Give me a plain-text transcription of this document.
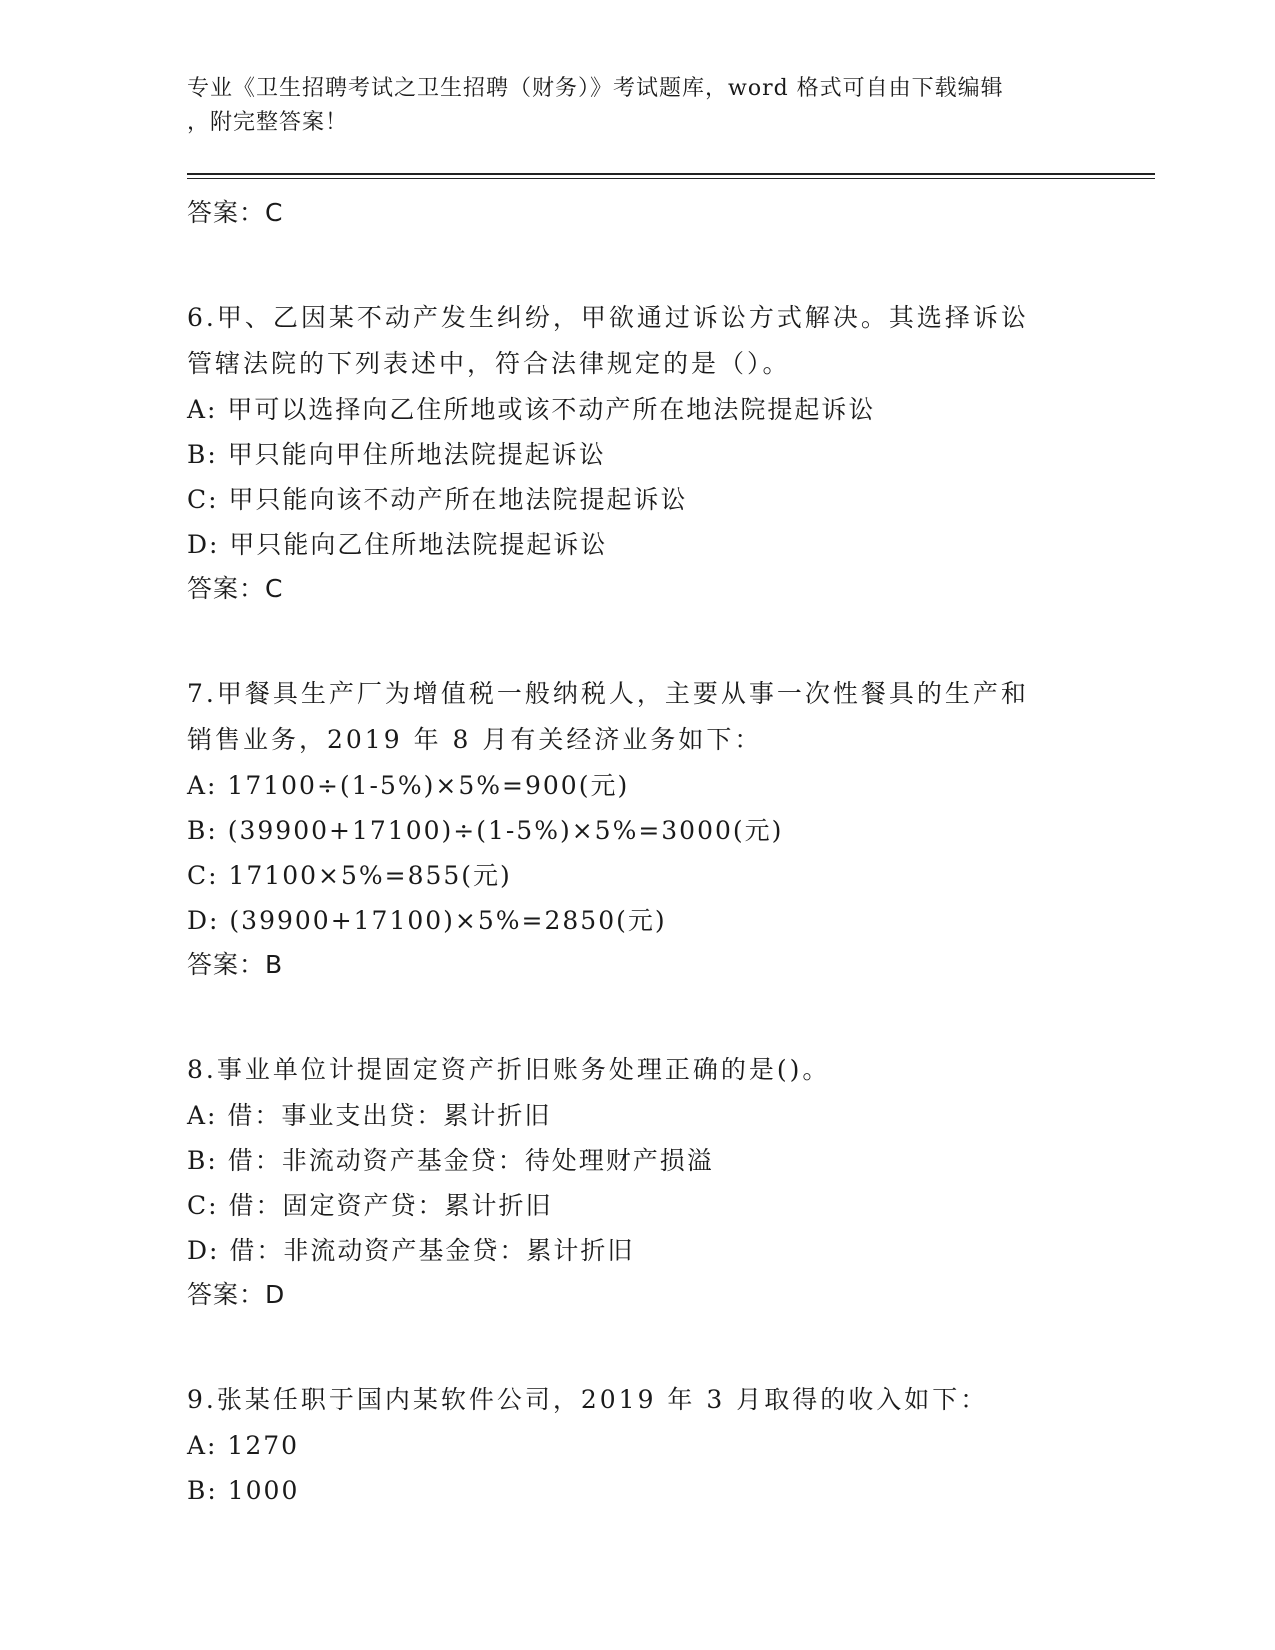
专业《卫生招聘考试之卫生招聘（财务）》考试题库，word 格式可自由下载编辑

，附完整答案！

答案：C

6.甲、乙因某不动产发生纠纷，甲欲通过诉讼方式解决。其选择诉讼

管辖法院的下列表述中，符合法律规定的是（）。

A: 甲可以选择向乙住所地或该不动产所在地法院提起诉讼

B: 甲只能向甲住所地法院提起诉讼

C: 甲只能向该不动产所在地法院提起诉讼

D: 甲只能向乙住所地法院提起诉讼

答案：C

7.甲餐具生产厂为增值税一般纳税人，主要从事一次性餐具的生产和

销售业务，2019 年 8 月有关经济业务如下：

A: 17100÷(1-5%)×5%=900(元)

B: (39900+17100)÷(1-5%)×5%=3000(元)

C: 17100×5%=855(元)

D: (39900+17100)×5%=2850(元)

答案：B

8.事业单位计提固定资产折旧账务处理正确的是()。

A: 借：事业支出贷：累计折旧

B: 借：非流动资产基金贷：待处理财产损溢

C: 借：固定资产贷：累计折旧

D: 借：非流动资产基金贷：累计折旧

答案：D

9.张某任职于国内某软件公司，2019 年 3 月取得的收入如下：

A: 1270

B: 1000
